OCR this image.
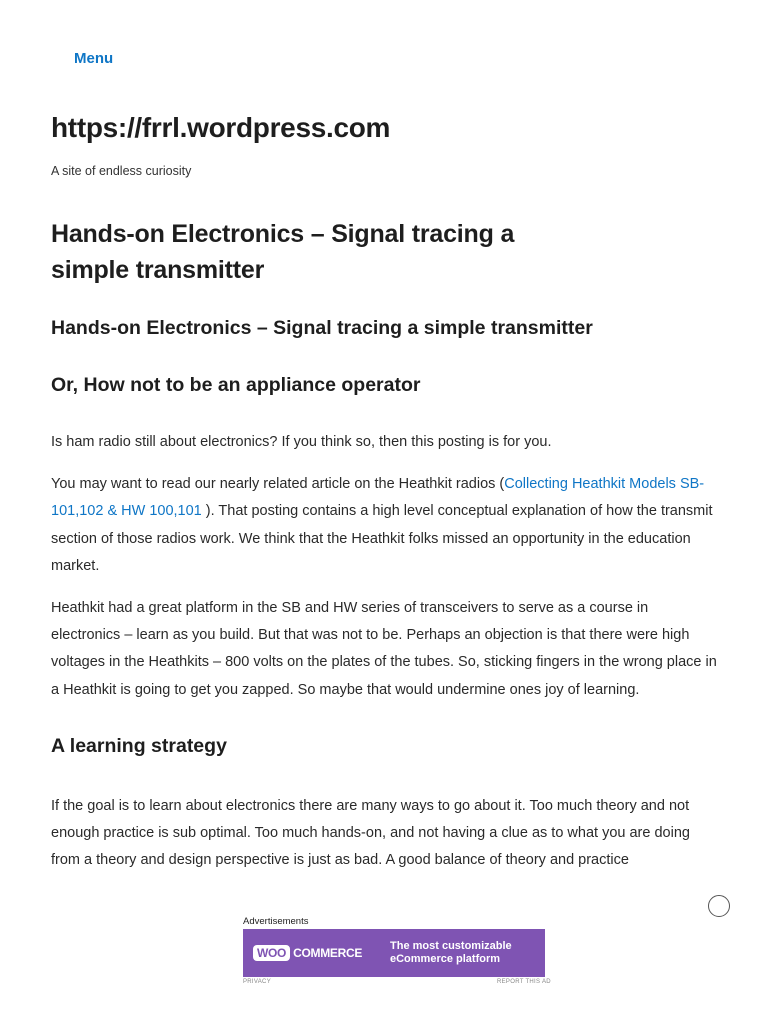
Menu
https://frrl.wordpress.com

A site of endless curiosity

Hands-on Electronics – Signal tracing a simple transmitter
Hands-on Electronics – Signal tracing a simple transmitter
Or, How not to be an appliance operator

Is ham radio still about electronics? If you think so, then this posting is for you.

You may want to read our nearly related article on the Heathkit radios (Collecting Heathkit Models SB-101,102 & HW 100,101 ). That posting contains a high level conceptual explanation of how the transmit section of those radios work. We think that the Heathkit folks missed an opportunity in the education market.

Heathkit had a great platform in the SB and HW series of transceivers to serve as a course in electronics – learn as you build. But that was not to be. Perhaps an objection is that there were high voltages in the Heathkits – 800 volts on the plates of the tubes. So, sticking fingers in the wrong place in a Heathkit is going to get you zapped. So maybe that would undermine ones joy of learning.

A learning strategy

If the goal is to learn about electronics there are many ways to go about it. Too much theory and not enough practice is sub optimal. Too much hands-on, and not having a clue as to what you are doing from a theory and design perspective is just as bad. A good balance of theory and practice

Advertisements
WOO COMMERCE	The most customizable eCommerce platform
PRIVACY	REPORT THIS AD
